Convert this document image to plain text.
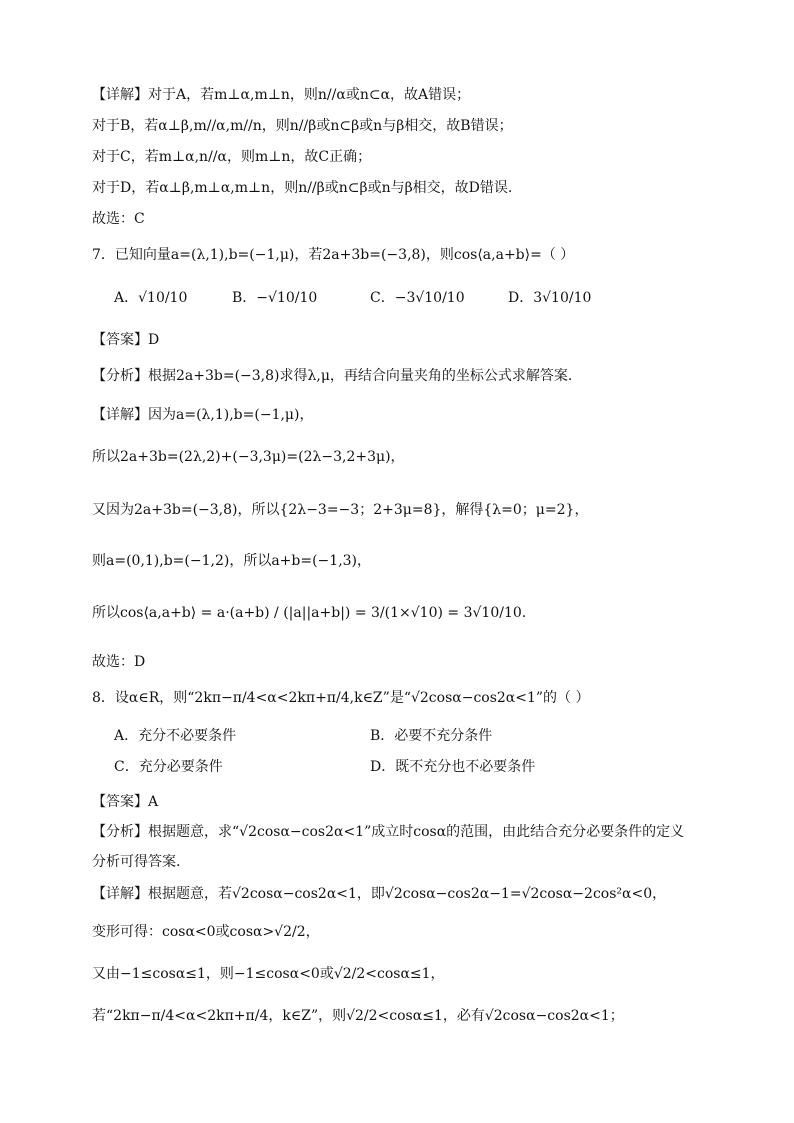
【详解】对于A，若m⊥α,m⊥n，则n//α或n⊂α，故A错误；
对于B，若α⊥β,m//α,m//n，则n//β或n⊂β或n与β相交，故B错误；
对于C，若m⊥α,n//α，则m⊥n，故C正确；
对于D，若α⊥β,m⊥α,m⊥n，则n//β或n⊂β或n与β相交，故D错误.
故选：C
7．已知向量a=(λ,1),b=(−1,μ)，若2a+3b=(−3,8)，则cos⟨a,a+b⟩=（ ）
A．√10/10	B．−√10/10	C．−3√10/10	D．3√10/10
【答案】D
【分析】根据2a+3b=(−3,8)求得λ,μ，再结合向量夹角的坐标公式求解答案.
【详解】因为a=(λ,1),b=(−1,μ)，
所以2a+3b=(2λ,2)+(−3,3μ)=(2λ−3,2+3μ)，
又因为2a+3b=(−3,8)，所以{2λ−3=−3；2+3μ=8}，解得{λ=0；μ=2}，
则a=(0,1),b=(−1,2)，所以a+b=(−1,3)，
所以cos⟨a,a+b⟩ = a·(a+b) / (|a||a+b|) = 3/(1×√10) = 3√10/10.
故选：D
8．设α∈R，则“2kπ−π/4<α<2kπ+π/4,k∈Z”是“√2cosα−cos2α<1”的（ ）
A．充分不必要条件	B．必要不充分条件
C．充分必要条件	D．既不充分也不必要条件
【答案】A
【分析】根据题意，求“√2cosα−cos2α<1”成立时cosα的范围，由此结合充分必要条件的定义
分析可得答案.
【详解】根据题意，若√2cosα−cos2α<1，即√2cosα−cos2α−1=√2cosα−2cos²α<0，
变形可得：cosα<0或cosα>√2/2，
又由−1≤cosα≤1，则−1≤cosα<0或√2/2<cosα≤1，
若“2kπ−π/4<α<2kπ+π/4，k∈Z”，则√2/2<cosα≤1，必有√2cosα−cos2α<1；
